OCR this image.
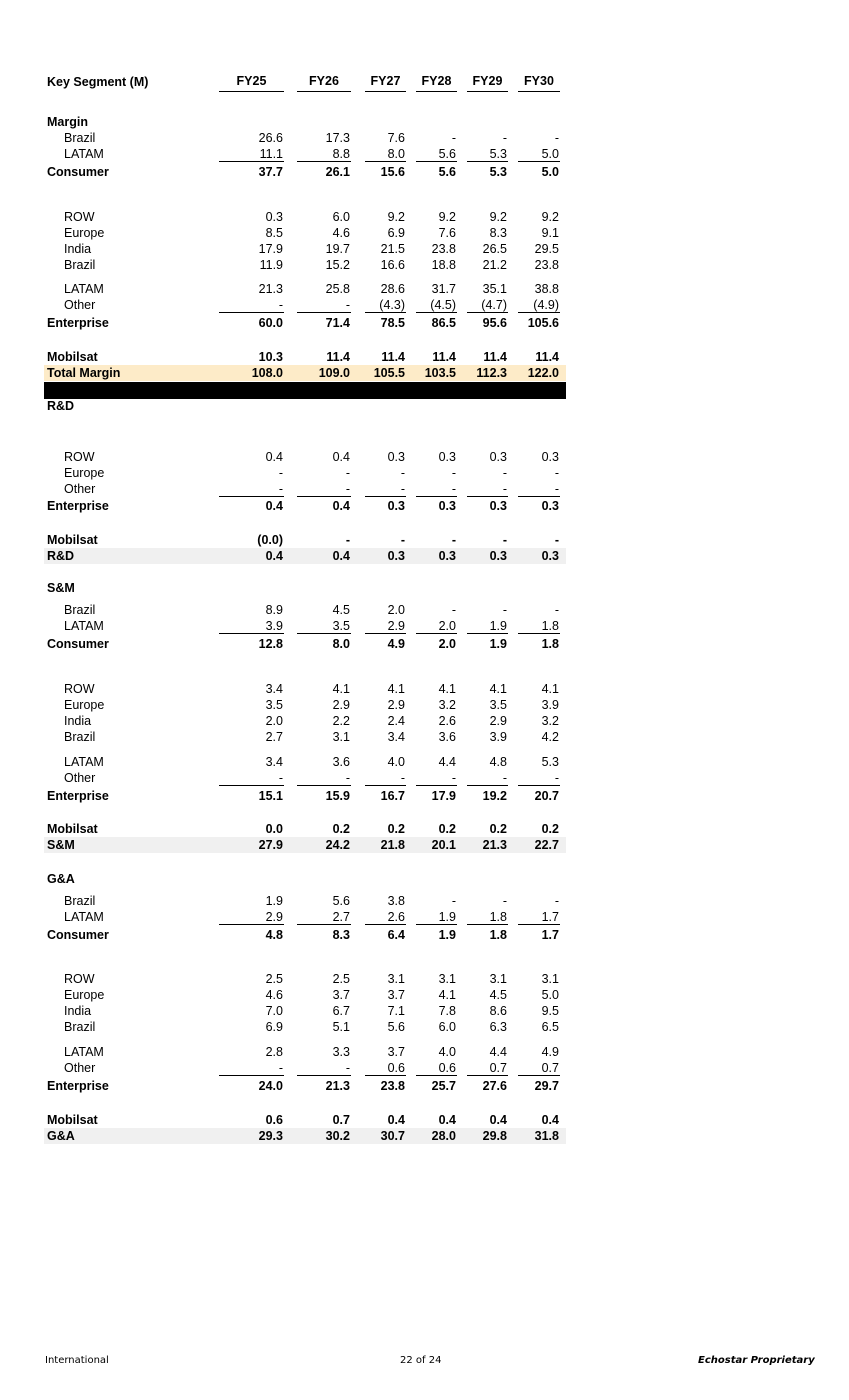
Key Segment (M)	FY25	FY26	FY27	FY28	FY29	FY30
Margin
Brazil	26.6	17.3	7.6	-	-	-
LATAM	11.1	8.8	8.0	5.6	5.3	5.0
Consumer	37.7	26.1	15.6	5.6	5.3	5.0
ROW	0.3	6.0	9.2	9.2	9.2	9.2
Europe	8.5	4.6	6.9	7.6	8.3	9.1
India	17.9	19.7	21.5	23.8	26.5	29.5
Brazil	11.9	15.2	16.6	18.8	21.2	23.8
LATAM	21.3	25.8	28.6	31.7	35.1	38.8
Other	-	-	(4.3)	(4.5)	(4.7)	(4.9)
Enterprise	60.0	71.4	78.5	86.5	95.6	105.6
Mobilsat	10.3	11.4	11.4	11.4	11.4	11.4
Total Margin	108.0	109.0	105.5	103.5	112.3	122.0
R&D
ROW	0.4	0.4	0.3	0.3	0.3	0.3
Europe	-	-	-	-	-	-
Other	-	-	-	-	-	-
Enterprise	0.4	0.4	0.3	0.3	0.3	0.3
Mobilsat	(0.0)	-	-	-	-	-
R&D	0.4	0.4	0.3	0.3	0.3	0.3
S&M
Brazil	8.9	4.5	2.0	-	-	-
LATAM	3.9	3.5	2.9	2.0	1.9	1.8
Consumer	12.8	8.0	4.9	2.0	1.9	1.8
ROW	3.4	4.1	4.1	4.1	4.1	4.1
Europe	3.5	2.9	2.9	3.2	3.5	3.9
India	2.0	2.2	2.4	2.6	2.9	3.2
Brazil	2.7	3.1	3.4	3.6	3.9	4.2
LATAM	3.4	3.6	4.0	4.4	4.8	5.3
Other	-	-	-	-	-	-
Enterprise	15.1	15.9	16.7	17.9	19.2	20.7
Mobilsat	0.0	0.2	0.2	0.2	0.2	0.2
S&M	27.9	24.2	21.8	20.1	21.3	22.7
G&A
Brazil	1.9	5.6	3.8	-	-	-
LATAM	2.9	2.7	2.6	1.9	1.8	1.7
Consumer	4.8	8.3	6.4	1.9	1.8	1.7
ROW	2.5	2.5	3.1	3.1	3.1	3.1
Europe	4.6	3.7	3.7	4.1	4.5	5.0
India	7.0	6.7	7.1	7.8	8.6	9.5
Brazil	6.9	5.1	5.6	6.0	6.3	6.5
LATAM	2.8	3.3	3.7	4.0	4.4	4.9
Other	-	-	0.6	0.6	0.7	0.7
Enterprise	24.0	21.3	23.8	25.7	27.6	29.7
Mobilsat	0.6	0.7	0.4	0.4	0.4	0.4
G&A	29.3	30.2	30.7	28.0	29.8	31.8
International	22 of 24	Echostar Proprietary
